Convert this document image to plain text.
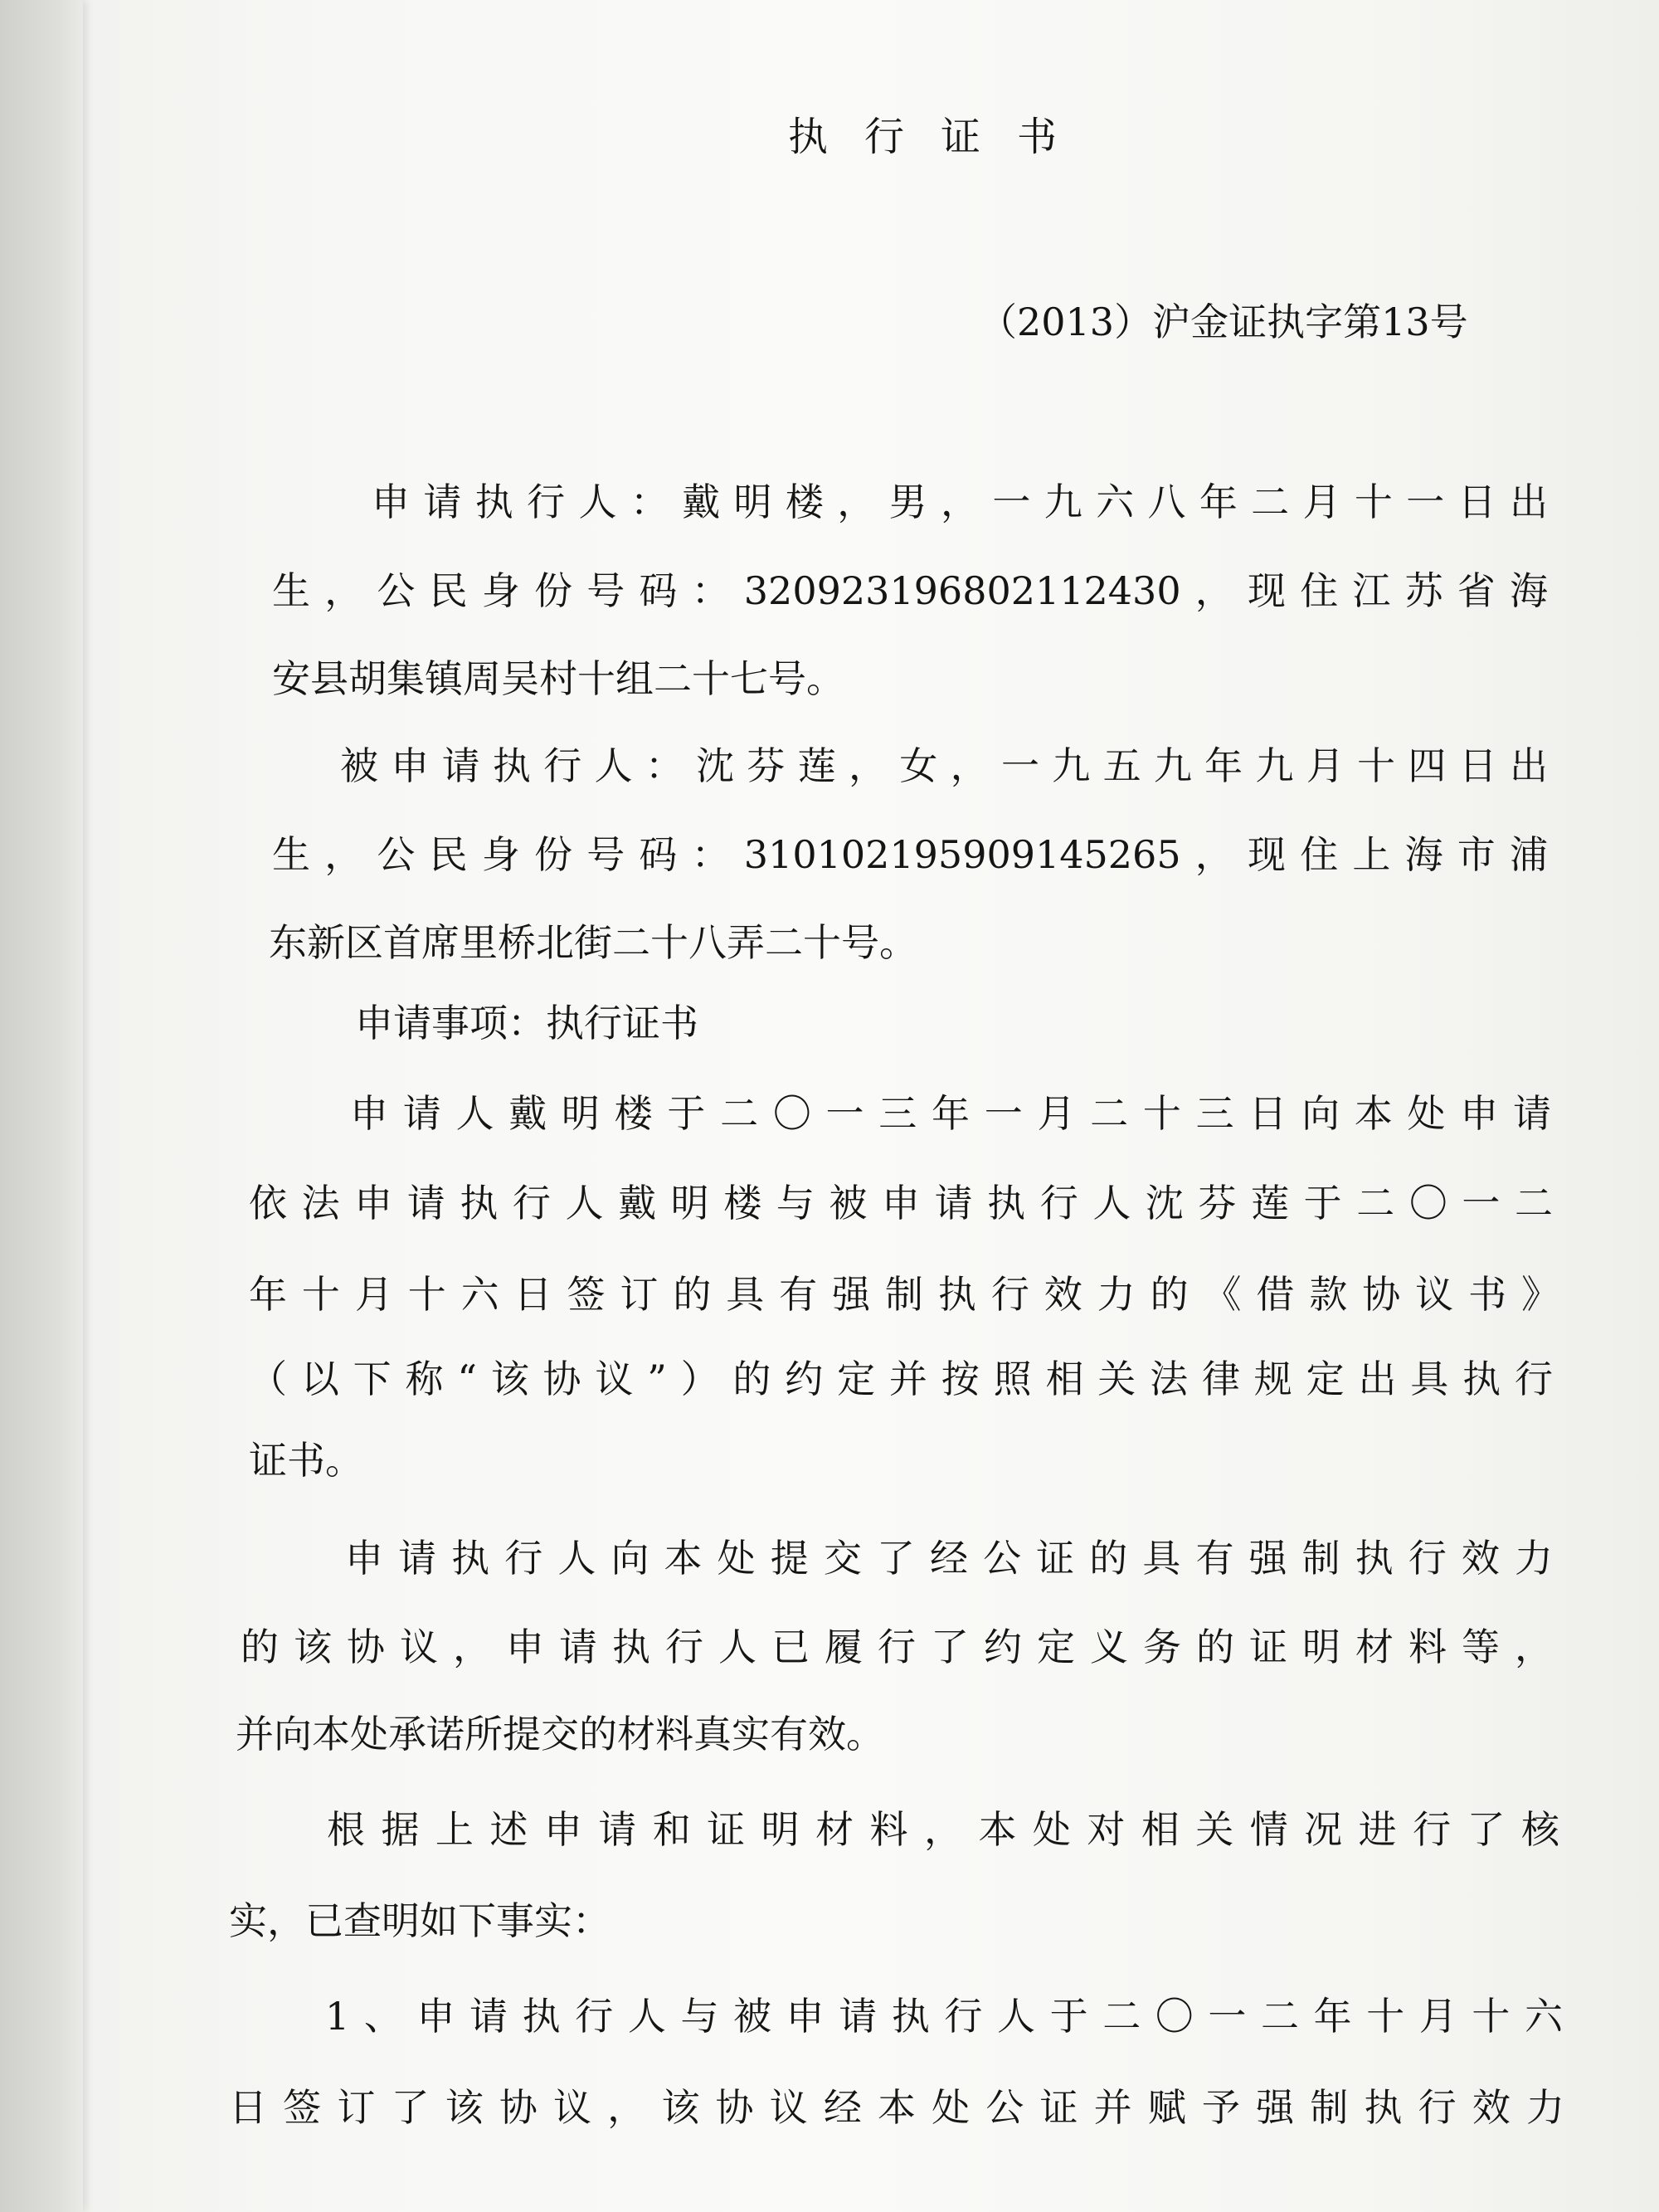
执行证书

（2013）沪金证执字第13号

申请执行人：戴明楼，男，一九六八年二月十一日出

生，公民身份号码：320923196802112430，现住江苏省海

安县胡集镇周吴村十组二十七号。

被申请执行人：沈芬莲，女，一九五九年九月十四日出

生，公民身份号码：310102195909145265，现住上海市浦

东新区首席里桥北街二十八弄二十号。

申请事项：执行证书

申请人戴明楼于二〇一三年一月二十三日向本处申请

依法申请执行人戴明楼与被申请执行人沈芬莲于二〇一二

年十月十六日签订的具有强制执行效力的《借款协议书》

（以下称“该协议”）的约定并按照相关法律规定出具执行

证书。

申请执行人向本处提交了经公证的具有强制执行效力

的该协议，申请执行人已履行了约定义务的证明材料等，

并向本处承诺所提交的材料真实有效。

根据上述申请和证明材料，本处对相关情况进行了核

实，已查明如下事实：

1、申请执行人与被申请执行人于二〇一二年十月十六

日签订了该协议，该协议经本处公证并赋予强制执行效力
